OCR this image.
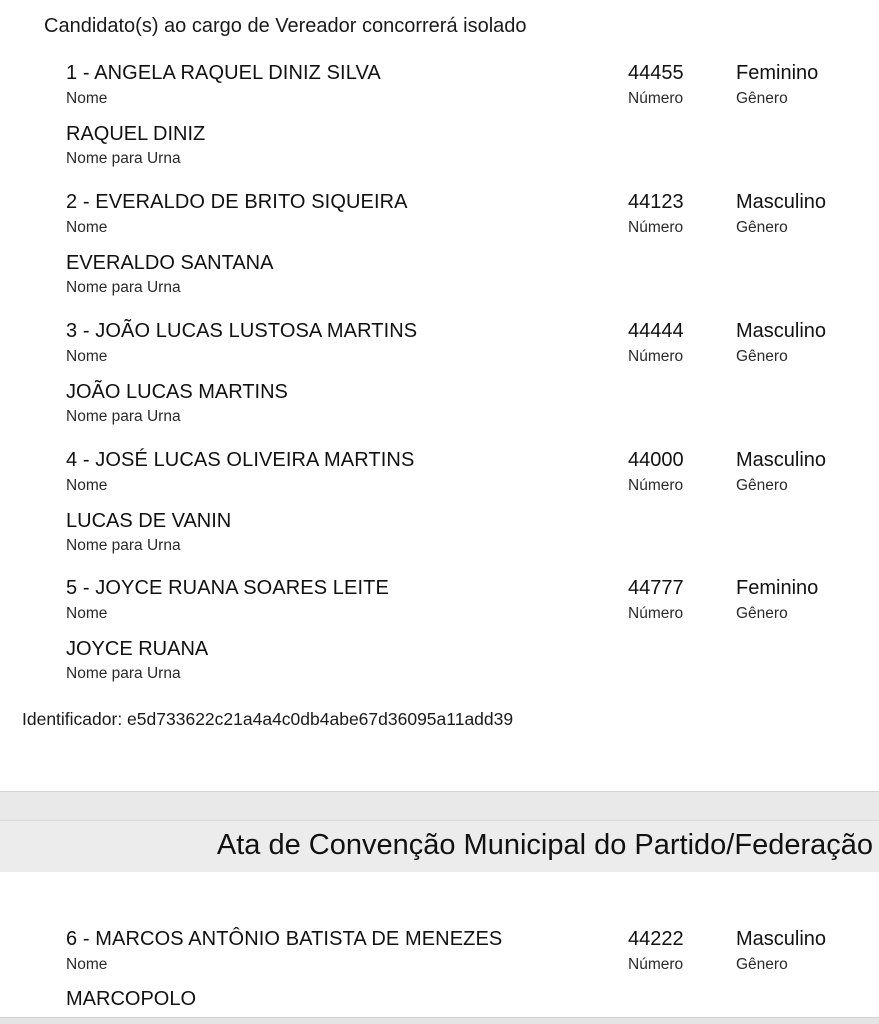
Candidato(s) ao cargo de Vereador concorrerá isolado
1 - ANGELA RAQUEL DINIZ SILVA
Nome
44455
Número
Feminino
Gênero
RAQUEL DINIZ
Nome para Urna
2 - EVERALDO DE BRITO SIQUEIRA
Nome
44123
Número
Masculino
Gênero
EVERALDO SANTANA
Nome para Urna
3 - JOÃO LUCAS LUSTOSA MARTINS
Nome
44444
Número
Masculino
Gênero
JOÃO LUCAS MARTINS
Nome para Urna
4 - JOSÉ LUCAS OLIVEIRA MARTINS
Nome
44000
Número
Masculino
Gênero
LUCAS DE VANIN
Nome para Urna
5 - JOYCE RUANA SOARES LEITE
Nome
44777
Número
Feminino
Gênero
JOYCE RUANA
Nome para Urna
Identificador: e5d733622c21a4a4c0db4abe67d36095a11add39
Ata de Convenção Municipal do Partido/Federação
6 - MARCOS ANTÔNIO BATISTA DE MENEZES
Nome
44222
Número
Masculino
Gênero
MARCOPOLO
